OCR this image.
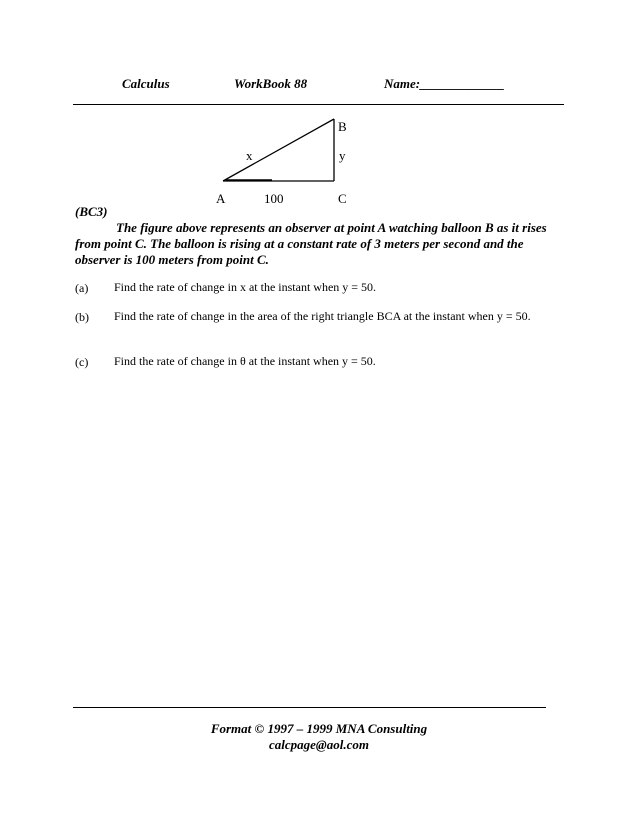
Calculus	WorkBook 88	Name:_____________
B
x	y
A	100	C
(BC3)

The figure above represents an observer at point A watching balloon B as it rises from point C. The balloon is rising at a constant rate of 3 meters per second and the observer is 100 meters from point C.

(a) Find the rate of change in x at the instant when y = 50.
(b) Find the rate of change in the area of the right triangle BCA at the instant when y = 50.
(c) Find the rate of change in θ at the instant when y = 50.
Format © 1997 – 1999 MNA Consulting
calcpage@aol.com
